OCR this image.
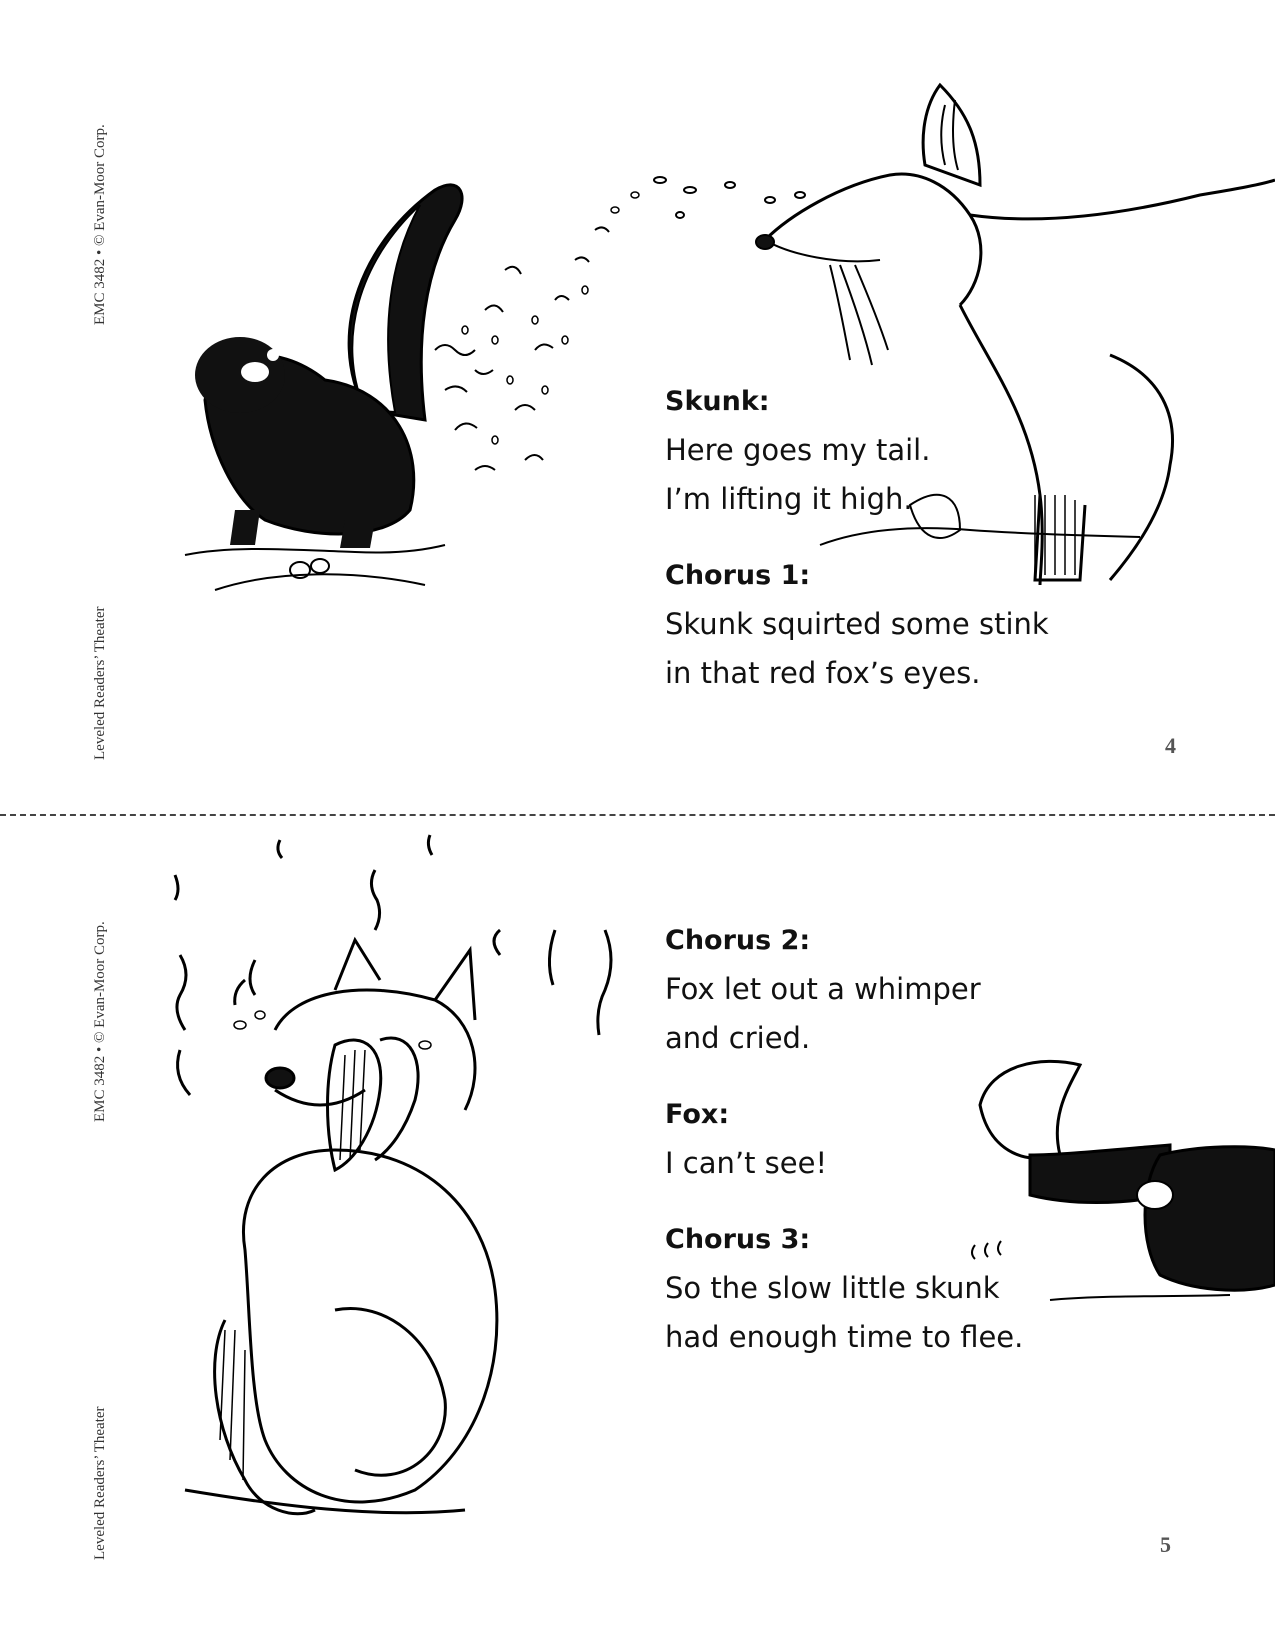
EMC 3482 • © Evan-Moor Corp.
Leveled Readers’ Theater
EMC 3482 • © Evan-Moor Corp.
Leveled Readers’ Theater
Skunk:
Here goes my tail.
I’m lifting it high.
Chorus 1:
Skunk squirted some stink
in that red fox’s eyes.
4
Chorus 2:
Fox let out a whimper
and cried.
Fox:
I can’t see!
Chorus 3:
So the slow little skunk
had enough time to flee.
5
